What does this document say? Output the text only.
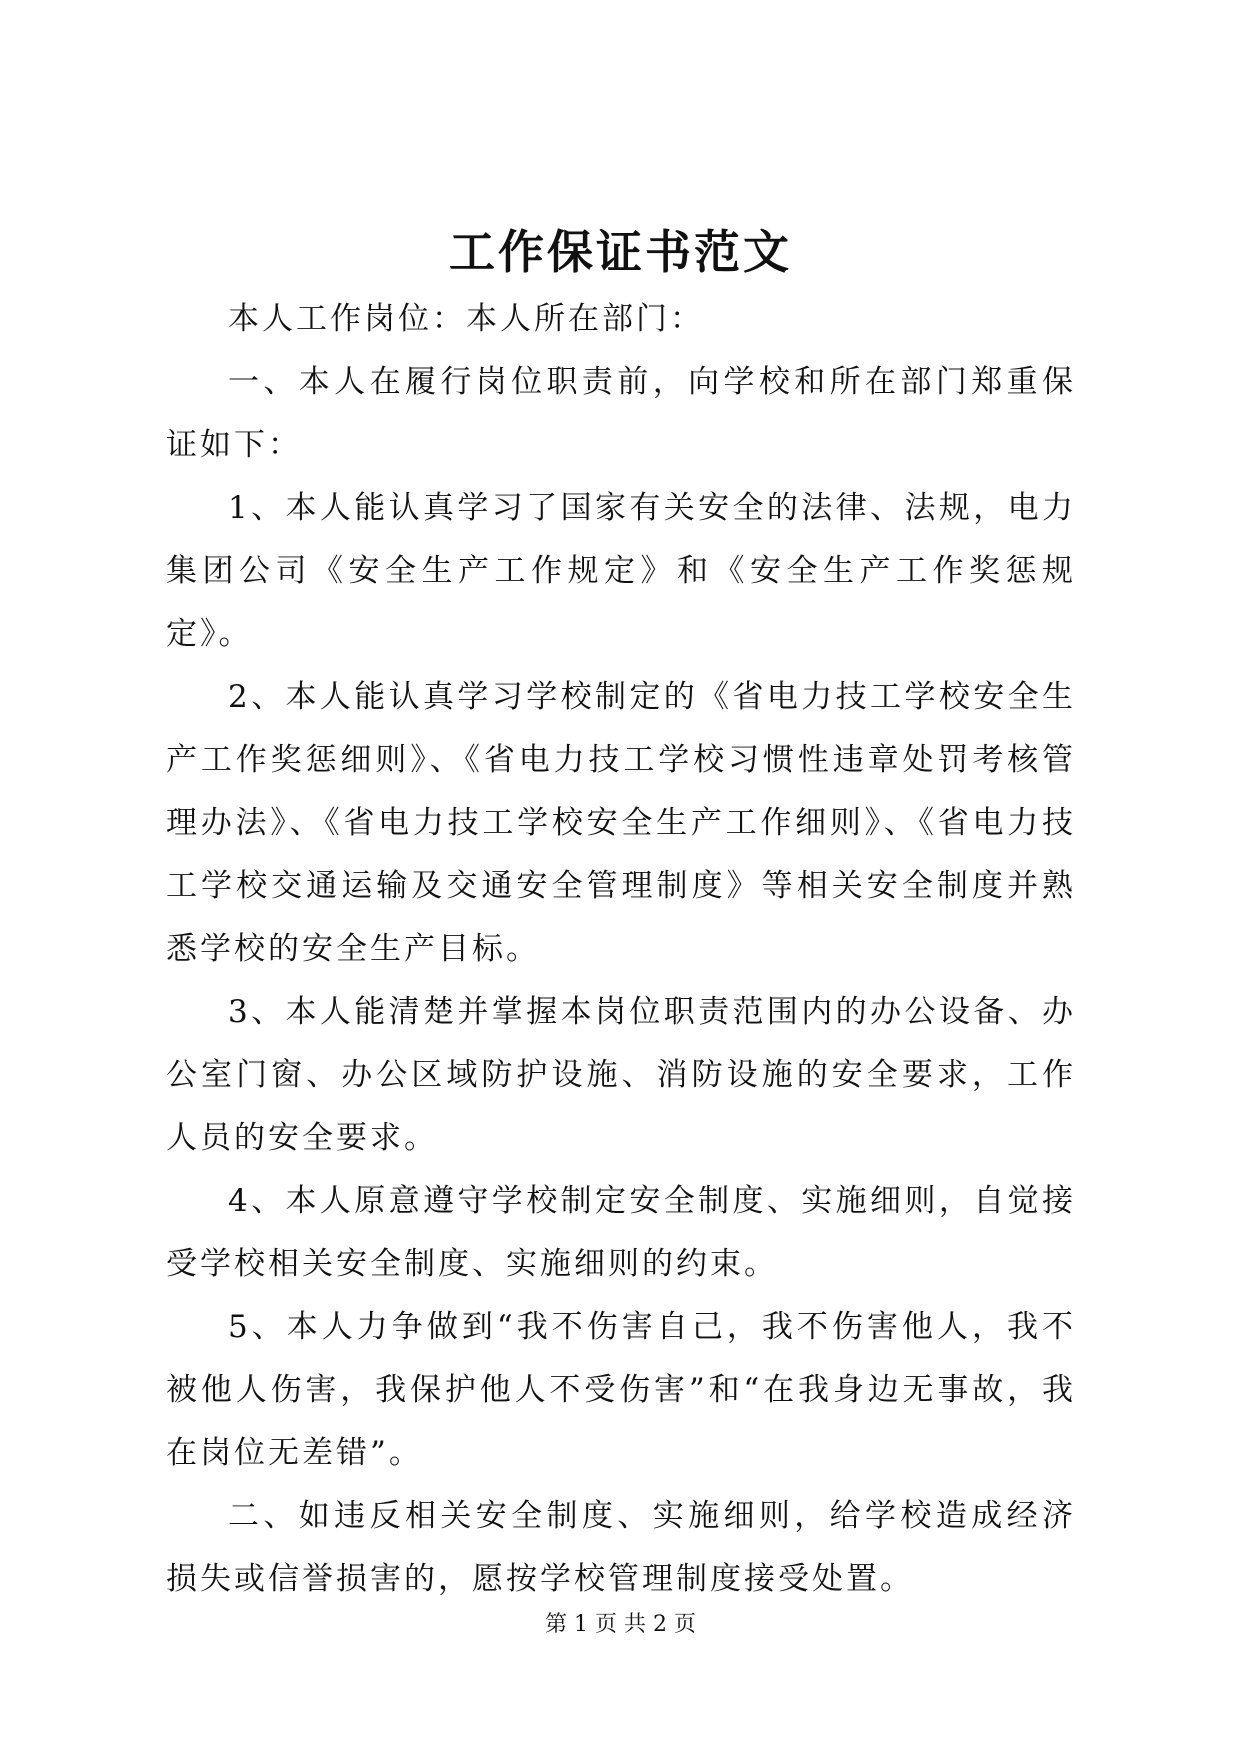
工作保证书范文

本人工作岗位：本人所在部门：

一、本人在履行岗位职责前，向学校和所在部门郑重保证如下：

1、本人能认真学习了国家有关安全的法律、法规，电力集团公司《安全生产工作规定》和《安全生产工作奖惩规定》。

2、本人能认真学习学校制定的《省电力技工学校安全生产工作奖惩细则》、《省电力技工学校习惯性违章处罚考核管理办法》、《省电力技工学校安全生产工作细则》、《省电力技工学校交通运输及交通安全管理制度》等相关安全制度并熟悉学校的安全生产目标。

3、本人能清楚并掌握本岗位职责范围内的办公设备、办公室门窗、办公区域防护设施、消防设施的安全要求，工作人员的安全要求。

4、本人原意遵守学校制定安全制度、实施细则，自觉接受学校相关安全制度、实施细则的约束。

5、本人力争做到“我不伤害自己，我不伤害他人，我不被他人伤害，我保护他人不受伤害”和“在我身边无事故，我在岗位无差错”。

二、如违反相关安全制度、实施细则，给学校造成经济损失或信誉损害的，愿按学校管理制度接受处置。

第 1 页 共 2 页
